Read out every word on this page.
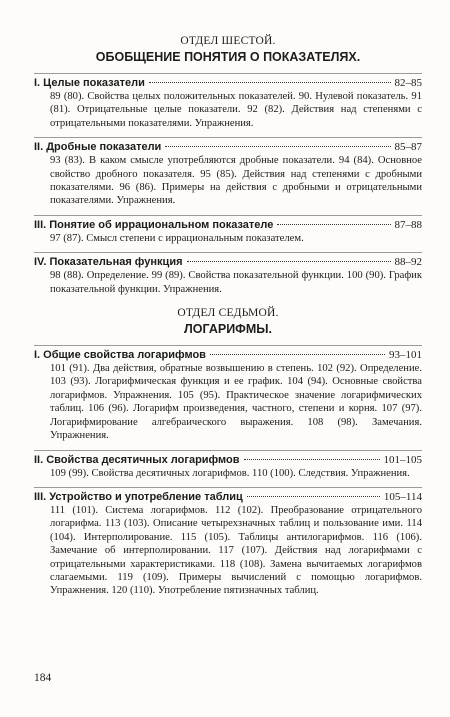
ОТДЕЛ ШЕСТОЙ.
ОБОБЩЕНИЕ ПОНЯТИЯ О ПОКАЗАТЕЛЯХ.
I. Целые показатели	82–85
89 (80). Свойства целых положительных показателей. 90. Нулевой показатель. 91 (81). Отрицательные целые показатели. 92 (82). Действия над степенями с отрицательными показателями. Упражнения.
II. Дробные показатели	85–87
93 (83). В каком смысле употребляются дробные показатели. 94 (84). Основное свойство дробного показателя. 95 (85). Действия над степенями с дробными показателями. 96 (86). Примеры на действия с дробными и отрицательными показателями. Упражнения.
III. Понятие об иррациональном показателе	87–88
97 (87). Смысл степени с иррациональным показателем.
IV. Показательная функция	88–92
98 (88). Определение. 99 (89). Свойства показательной функции. 100 (90). График показательной функции. Упражнения.
ОТДЕЛ СЕДЬМОЙ.
ЛОГАРИФМЫ.
I. Общие свойства логарифмов	93–101
101 (91). Два действия, обратные возвышению в степень. 102 (92). Определение. 103 (93). Логарифмическая функция и ее график. 104 (94). Основные свойства логарифмов. Упражнения. 105 (95). Практическое значение логарифмических таблиц. 106 (96). Логарифм произведения, частного, степени и корня. 107 (97). Логарифмирование алгебраического выражения. 108 (98). Замечания. Упражнения.
II. Свойства десятичных логарифмов	101–105
109 (99). Свойства десятичных логарифмов. 110 (100). Следствия. Упражнения.
III. Устройство и употребление таблиц	105–114
111 (101). Система логарифмов. 112 (102). Преобразование отрицательного логарифма. 113 (103). Описание четырехзначных таблиц и пользование ими. 114 (104). Интерполирование. 115 (105). Таблицы антилогарифмов. 116 (106). Замечание об интерполировании. 117 (107). Действия над логарифмами с отрицательными характеристиками. 118 (108). Замена вычитаемых логарифмов слагаемыми. 119 (109). Примеры вычислений с помощью логарифмов. Упражнения. 120 (110). Употребление пятизначных таблиц.
184
